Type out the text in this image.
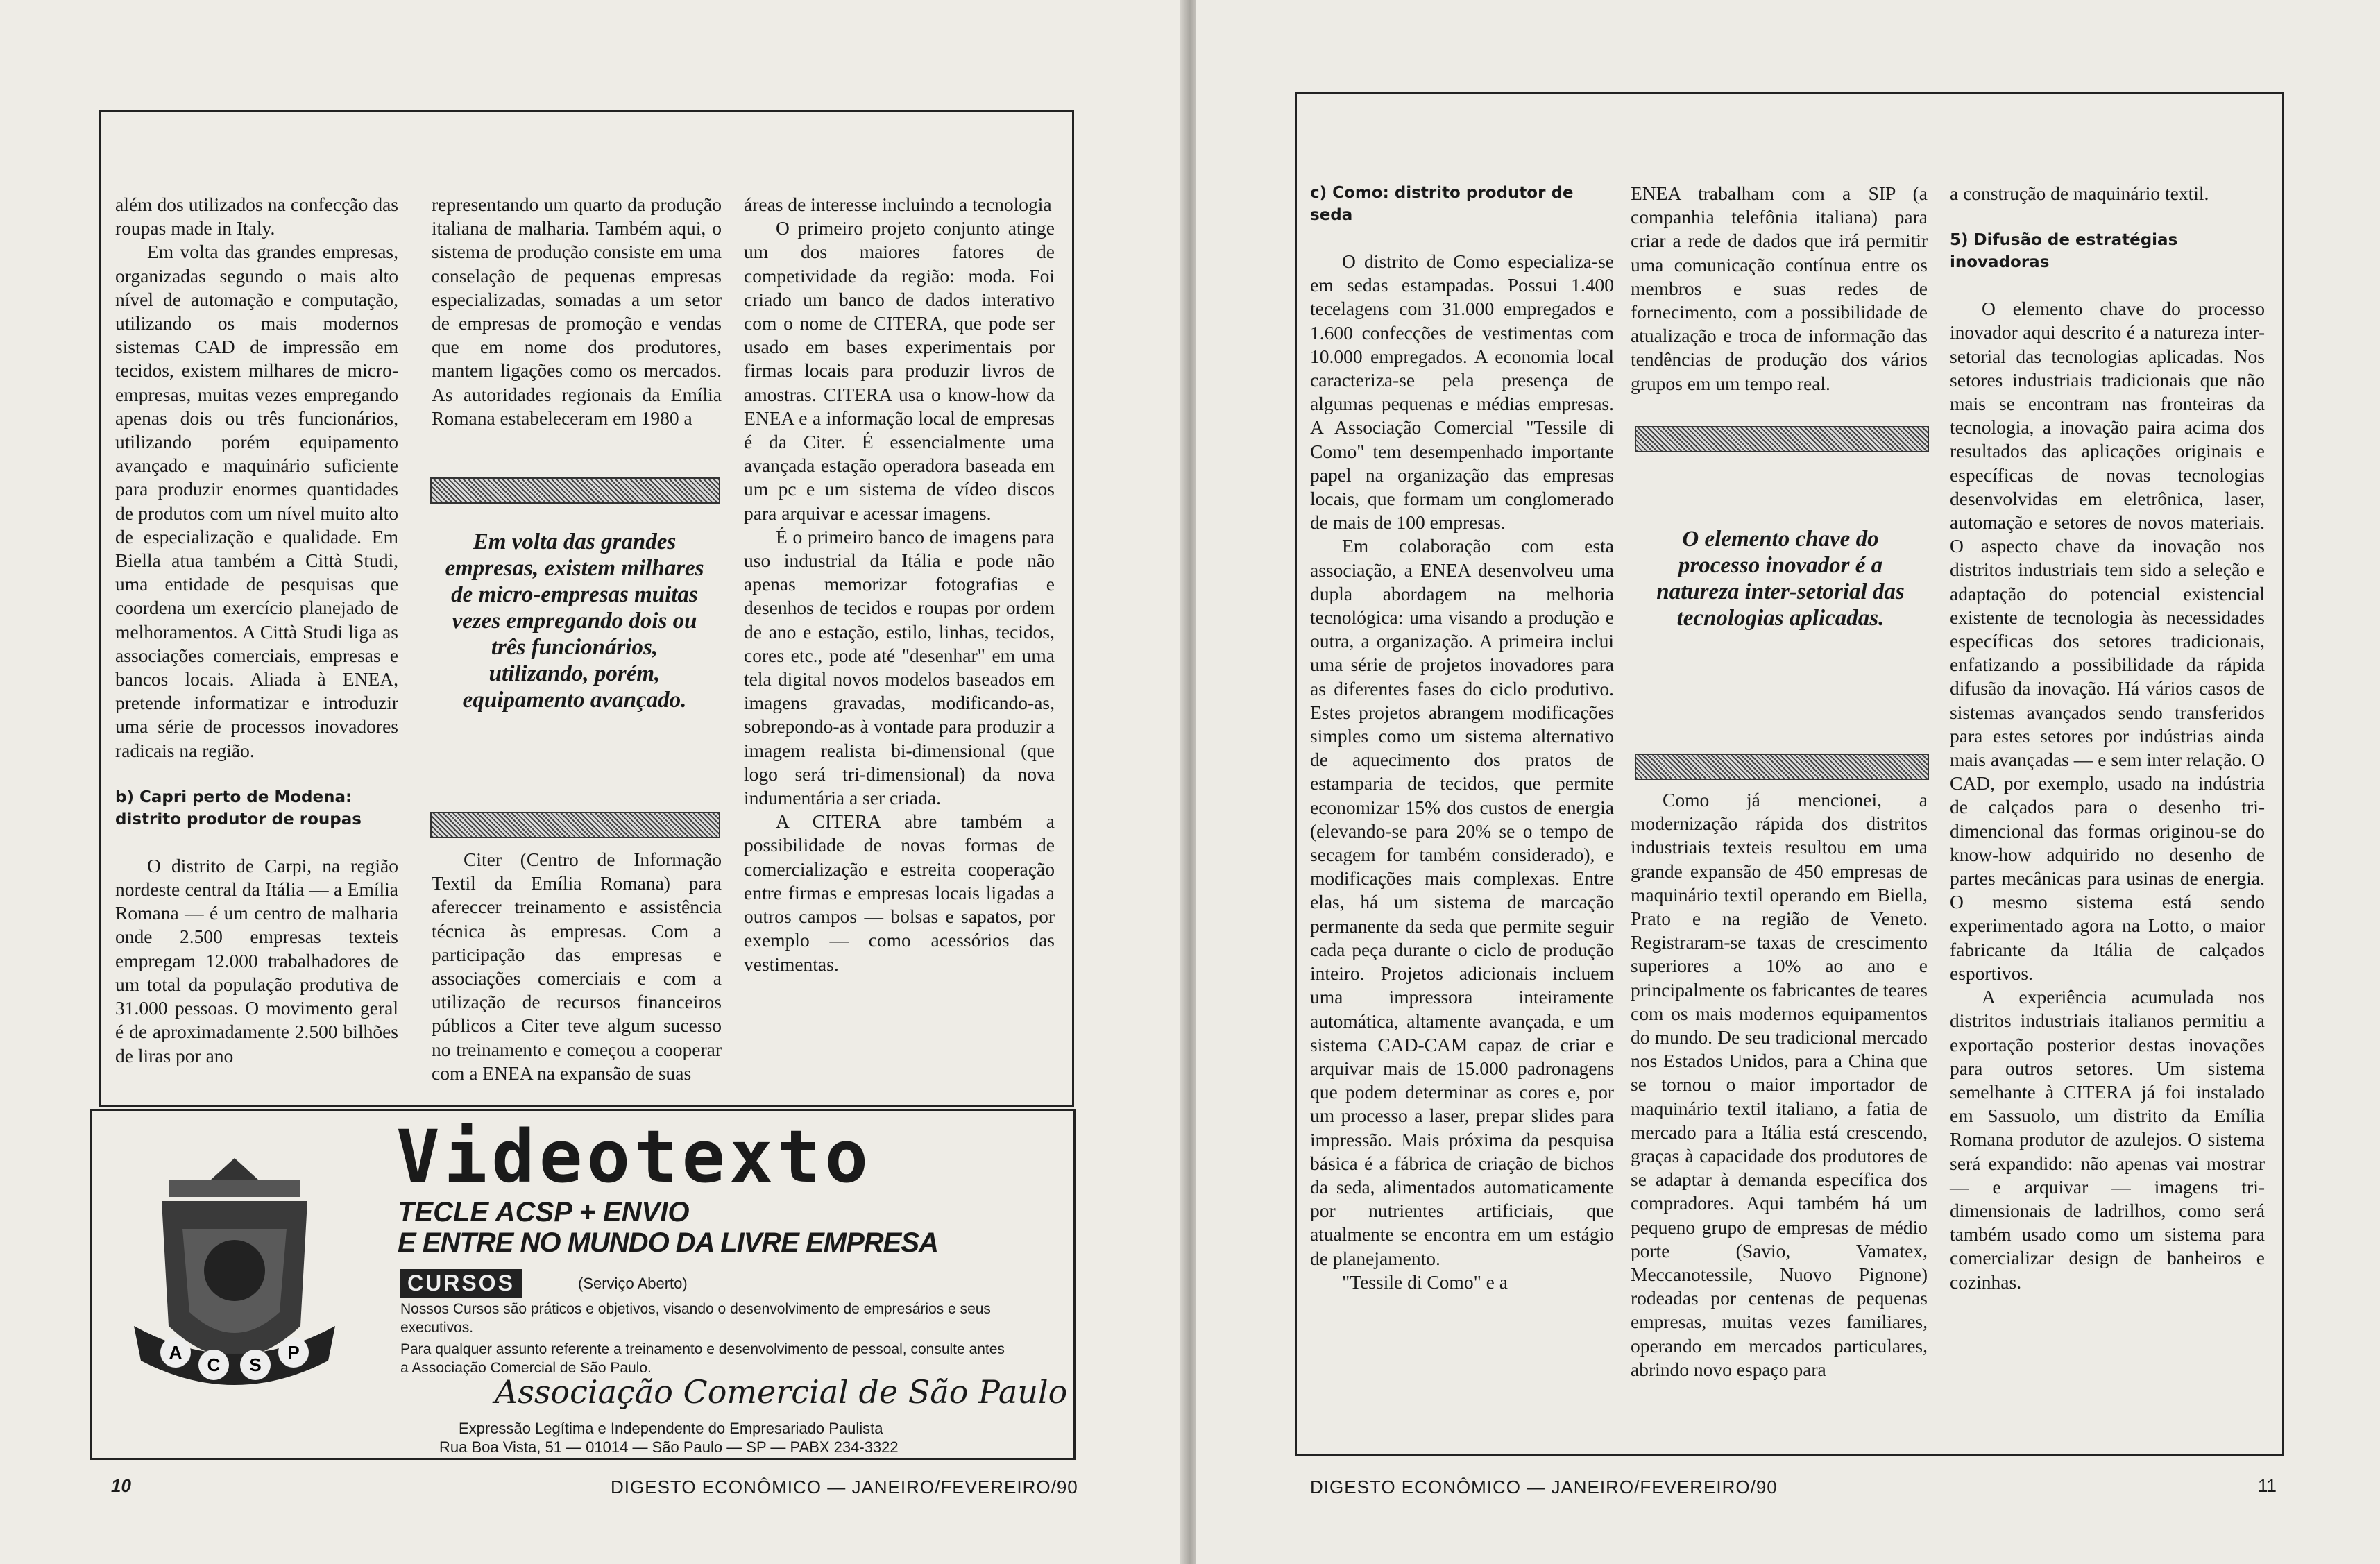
além dos utilizados na confecção das roupas made in Italy.

Em volta das grandes empresas, organizadas segundo o mais alto nível de automação e computação, utilizando os mais modernos sistemas CAD de impressão em tecidos, existem milhares de micro-empresas, muitas vezes empregando apenas dois ou três funcionários, utilizando porém equipamento avançado e maquinário suficiente para produzir enormes quantidades de produtos com um nível muito alto de especialização e qualidade. Em Biella atua também a Città Studi, uma entidade de pesquisas que coordena um exercício planejado de melhoramentos. A Città Studi liga as associações comerciais, empresas e bancos locais. Aliada à ENEA, pretende informatizar e introduzir uma série de processos inovadores radicais na região.

b) Capri perto de Modena: distrito produtor de roupas

O distrito de Carpi, na região nordeste central da Itália — a Emília Romana — é um centro de malharia onde 2.500 empresas texteis empregam 12.000 trabalhadores de um total da população produtiva de 31.000 pessoas. O movimento geral é de aproximadamente 2.500 bilhões de liras por ano

representando um quarto da produção italiana de malharia. Também aqui, o sistema de produção consiste em uma conselação de pequenas empresas especializadas, somadas a um setor de empresas de promoção e vendas que em nome dos produtores, mantem ligações como os mercados. As autoridades regionais da Emília Romana estabeleceram em 1980 a

Em volta das grandes empresas, existem milhares de micro-empresas muitas vezes empregando dois ou três funcionários, utilizando, porém, equipamento avançado.

Citer (Centro de Informação Textil da Emília Romana) para afereccer treinamento e assistência técnica às empresas. Com a participação das empresas e associações comerciais e com a utilização de recursos financeiros públicos a Citer teve algum sucesso no treinamento e começou a cooperar com a ENEA na expansão de suas

áreas de interesse incluindo a tecnologia

O primeiro projeto conjunto atinge um dos maiores fatores de competividade da região: moda. Foi criado um banco de dados interativo com o nome de CITERA, que pode ser usado em bases experimentais por firmas locais para produzir livros de amostras. CITERA usa o know-how da ENEA e a informação local de empresas é da Citer. É essencialmente uma avançada estação operadora baseada em um pc e um sistema de vídeo discos para arquivar e acessar imagens.

É o primeiro banco de imagens para uso industrial da Itália e pode não apenas memorizar fotografias e desenhos de tecidos e roupas por ordem de ano e estação, estilo, linhas, tecidos, cores etc., pode até "desenhar" em uma tela digital novos modelos baseados em imagens gravadas, modificando-as, sobrepondo-as à vontade para produzir a imagem realista bi-dimensional (que logo será tri-dimensional) da nova indumentária a ser criada.

A CITERA abre também a possibilidade de novas formas de comercialização e estreita cooperação entre firmas e empresas locais ligadas a outros campos — bolsas e sapatos, por exemplo — como acessórios das vestimentas.

A
C S
P
Videotexto
TECLE ACSP + ENVIO
E ENTRE NO MUNDO DA LIVRE EMPRESA
CURSOS	(Serviço Aberto)
Nossos Cursos são práticos e objetivos, visando o desenvolvimento de empresários e seus executivos.
Para qualquer assunto referente a treinamento e desenvolvimento de pessoal, consulte antes a Associação Comercial de São Paulo.
Associação Comercial de São Paulo
Expressão Legítima e Independente do Empresariado Paulista
Rua Boa Vista, 51 — 01014 — São Paulo — SP — PABX 234-3322
10	DIGESTO ECONÔMICO — JANEIRO/FEVEREIRO/90

c) Como: distrito produtor de seda

O distrito de Como especializa-se em sedas estampadas. Possui 1.400 tecelagens com 31.000 empregados e 1.600 confecções de vestimentas com 10.000 empregados. A economia local caracteriza-se pela presença de algumas pequenas e médias empresas. A Associação Comercial "Tessile di Como" tem desempenhado importante papel na organização das empresas locais, que formam um conglomerado de mais de 100 empresas.

Em colaboração com esta associação, a ENEA desenvolveu uma dupla abordagem na melhoria tecnológica: uma visando a produção e outra, a organização. A primeira inclui uma série de projetos inovadores para as diferentes fases do ciclo produtivo. Estes projetos abrangem modificações simples como um sistema alternativo de aquecimento dos pratos de estamparia de tecidos, que permite economizar 15% dos custos de energia (elevando-se para 20% se o tempo de secagem for também considerado), e modificações mais complexas. Entre elas, há um sistema de marcação permanente da seda que permite seguir cada peça durante o ciclo de produção inteiro. Projetos adicionais incluem uma impressora inteiramente automática, altamente avançada, e um sistema CAD-CAM capaz de criar e arquivar mais de 15.000 padronagens que podem determinar as cores e, por um processo a laser, prepar slides para impressão. Mais próxima da pesquisa básica é a fábrica de criação de bichos da seda, alimentados automaticamente por nutrientes artificiais, que atualmente se encontra em um estágio de planejamento.

"Tessile di Como" e a

ENEA trabalham com a SIP (a companhia telefônia italiana) para criar a rede de dados que irá permitir uma comunicação contínua entre os membros e suas redes de fornecimento, com a possibilidade de atualização e troca de informação das tendências de produção dos vários grupos em um tempo real.

O elemento chave do processo inovador é a natureza inter-setorial das tecnologias aplicadas.

Como já mencionei, a modernização rápida dos distritos industriais texteis resultou em uma grande expansão de 450 empresas de maquinário textil operando em Biella, Prato e na região de Veneto. Registraram-se taxas de crescimento superiores a 10% ao ano e principalmente os fabricantes de teares com os mais modernos equipamentos do mundo. De seu tradicional mercado nos Estados Unidos, para a China que se tornou o maior importador de maquinário textil italiano, a fatia de mercado para a Itália está crescendo, graças à capacidade dos produtores de se adaptar à demanda específica dos compradores. Aqui também há um pequeno grupo de empresas de médio porte (Savio, Vamatex, Meccanotessile, Nuovo Pignone) rodeadas por centenas de pequenas empresas, muitas vezes familiares, operando em mercados particulares, abrindo novo espaço para

a construção de maquinário textil.

5) Difusão de estratégias inovadoras

O elemento chave do processo inovador aqui descrito é a natureza inter-setorial das tecnologias aplicadas. Nos setores industriais tradicionais que não mais se encontram nas fronteiras da tecnologia, a inovação paira acima dos resultados das aplicações originais e específicas de novas tecnologias desenvolvidas em eletrônica, laser, automação e setores de novos materiais. O aspecto chave da inovação nos distritos industriais tem sido a seleção e adaptação do potencial existencial existente de tecnologia às necessidades específicas dos setores tradicionais, enfatizando a possibilidade da rápida difusão da inovação. Há vários casos de sistemas avançados sendo transferidos para estes setores por indústrias ainda mais avançadas — e sem inter relação. O CAD, por exemplo, usado na indústria de calçados para o desenho tri-dimencional das formas originou-se do know-how adquirido no desenho de partes mecânicas para usinas de energia. O mesmo sistema está sendo experimentado agora na Lotto, o maior fabricante da Itália de calçados esportivos.

A experiência acumulada nos distritos industriais italianos permitiu a exportação posterior destas inovações para outros setores. Um sistema semelhante à CITERA já foi instalado em Sassuolo, um distrito da Emília Romana produtor de azulejos. O sistema será expandido: não apenas vai mostrar — e arquivar — imagens tri-dimensionais de ladrilhos, como será também usado como um sistema para comercializar design de banheiros e cozinhas.

DIGESTO ECONÔMICO — JANEIRO/FEVEREIRO/90	11
